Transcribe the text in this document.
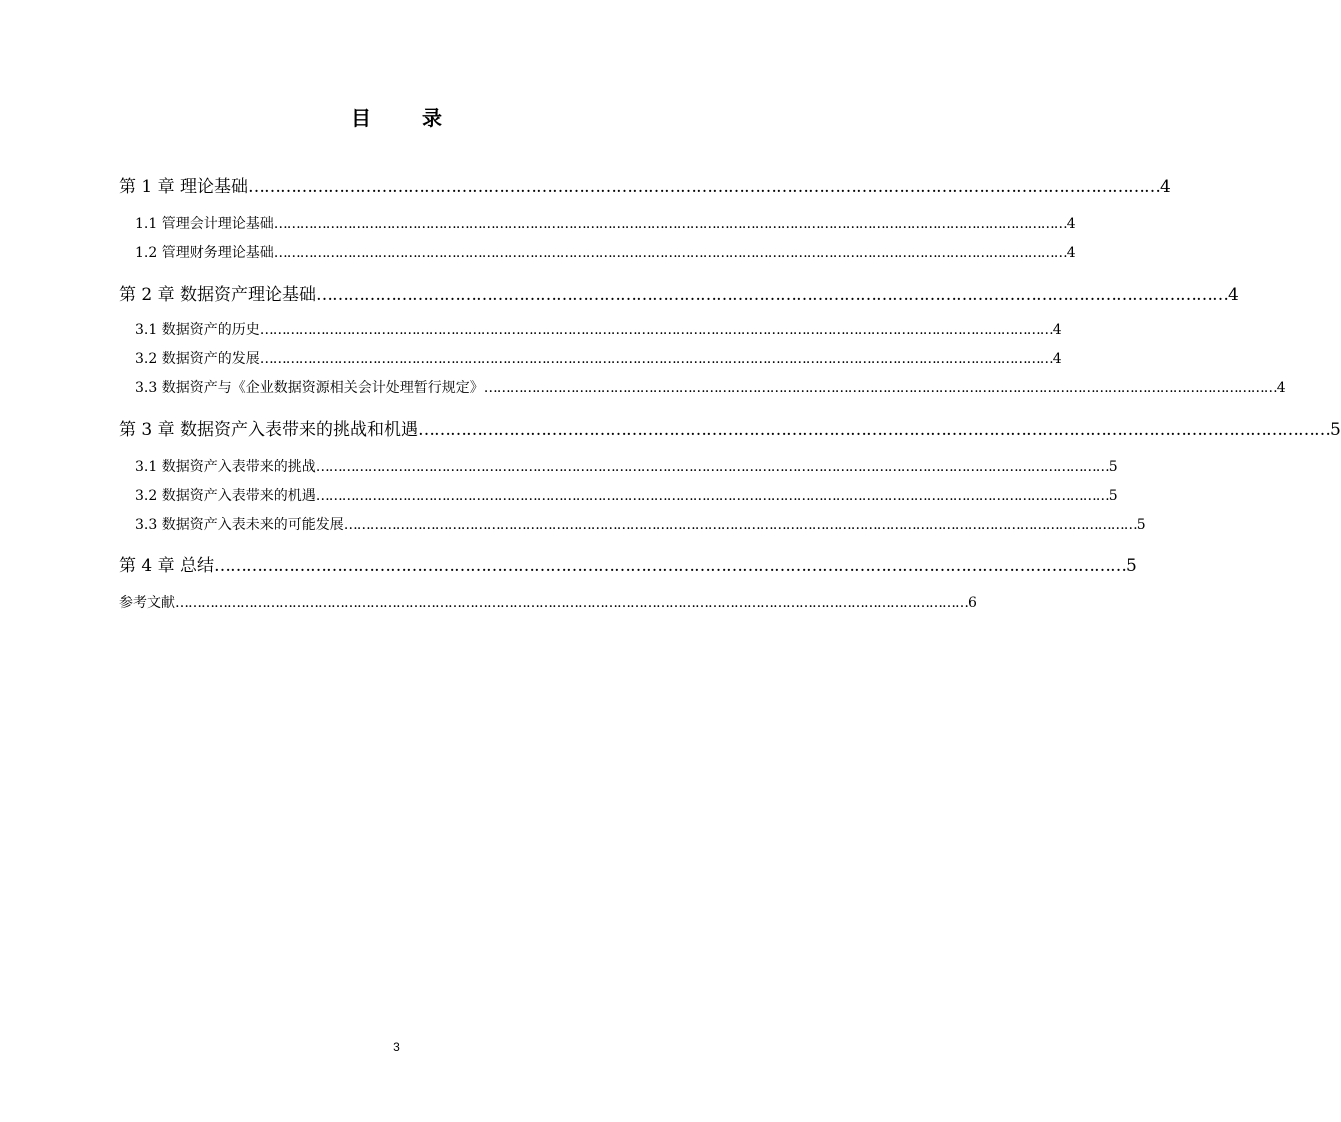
目 录
第 1 章 理论基础 ……………………………………………………………………………………………………………………………………………………… 4
1.1 管理会计理论基础 ………………………………………………………………………………………………………………………………………………………………… 4
1.2 管理财务理论基础 ………………………………………………………………………………………………………………………………………………………………… 4
第 2 章 数据资产理论基础 ……………………………………………………………………………………………………………………………………………………… 4
3.1 数据资产的历史 ………………………………………………………………………………………………………………………………………………………………… 4
3.2 数据资产的发展 ………………………………………………………………………………………………………………………………………………………………… 4
3.3 数据资产与《企业数据资源相关会计处理暂行规定》 ………………………………………………………………………………………………………………………………………………………………… 4
第 3 章 数据资产入表带来的挑战和机遇 ……………………………………………………………………………………………………………………………………………………… 5
3.1 数据资产入表带来的挑战 ………………………………………………………………………………………………………………………………………………………………… 5
3.2 数据资产入表带来的机遇 ………………………………………………………………………………………………………………………………………………………………… 5
3.3 数据资产入表未来的可能发展 ………………………………………………………………………………………………………………………………………………………………… 5
第 4 章 总结 ……………………………………………………………………………………………………………………………………………………… 5
参考文献 ………………………………………………………………………………………………………………………………………………………………… 6
3
